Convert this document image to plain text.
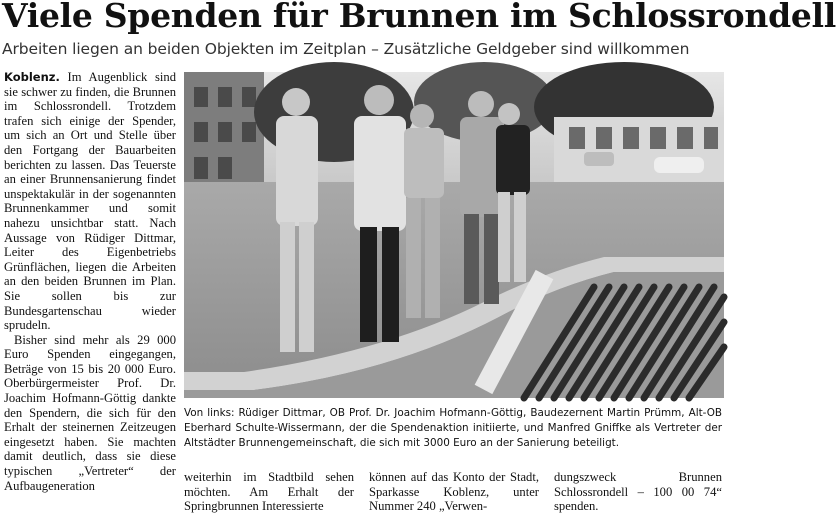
Viele Spenden für Brunnen im Schlossrondell
Arbeiten liegen an beiden Objekten im Zeitplan – Zusätzliche Geldgeber sind willkommen

Koblenz. Im Augenblick sind sie schwer zu finden, die Brunnen im Schlossrondell. Trotzdem trafen sich einige der Spender, um sich an Ort und Stelle über den Fortgang der Bauarbeiten berichten zu lassen. Das Teuerste an einer Brunnensanierung findet unspektakulär in der sogenannten Brunnenkammer und somit nahezu unsichtbar statt. Nach Aussage von Rüdiger Dittmar, Leiter des Eigenbetriebs Grünflächen, liegen die Arbeiten an den beiden Brunnen im Plan. Sie sollen bis zur Bundesgartenschau wieder sprudeln.

Bisher sind mehr als 29 000 Euro Spenden eingegangen, Beträge von 15 bis 20 000 Euro. Oberbürgermeister Prof. Dr. Joachim Hofmann-Göttig dankte den Spendern, die sich für den Erhalt der steinernen Zeitzeugen eingesetzt haben. Sie machten damit deutlich, dass sie diese typischen „Vertreter“ der Aufbaugeneration

Von links: Rüdiger Dittmar, OB Prof. Dr. Joachim Hofmann-Göttig, Baudezernent Martin Prümm, Alt-OB Eberhard Schulte-Wissermann, der die Spendenaktion initiierte, und Manfred Gniffke als Vertreter der Altstädter Brunnengemeinschaft, die sich mit 3000 Euro an der Sanierung beteiligt.
weiterhin im Stadtbild sehen möchten. Am Erhalt der Springbrunnen Interessierte
können auf das Konto der Stadt, Sparkasse Koblenz, unter Nummer 240 „Verwen-
dungszweck Brunnen Schlossrondell – 100 00 74“ spenden.
